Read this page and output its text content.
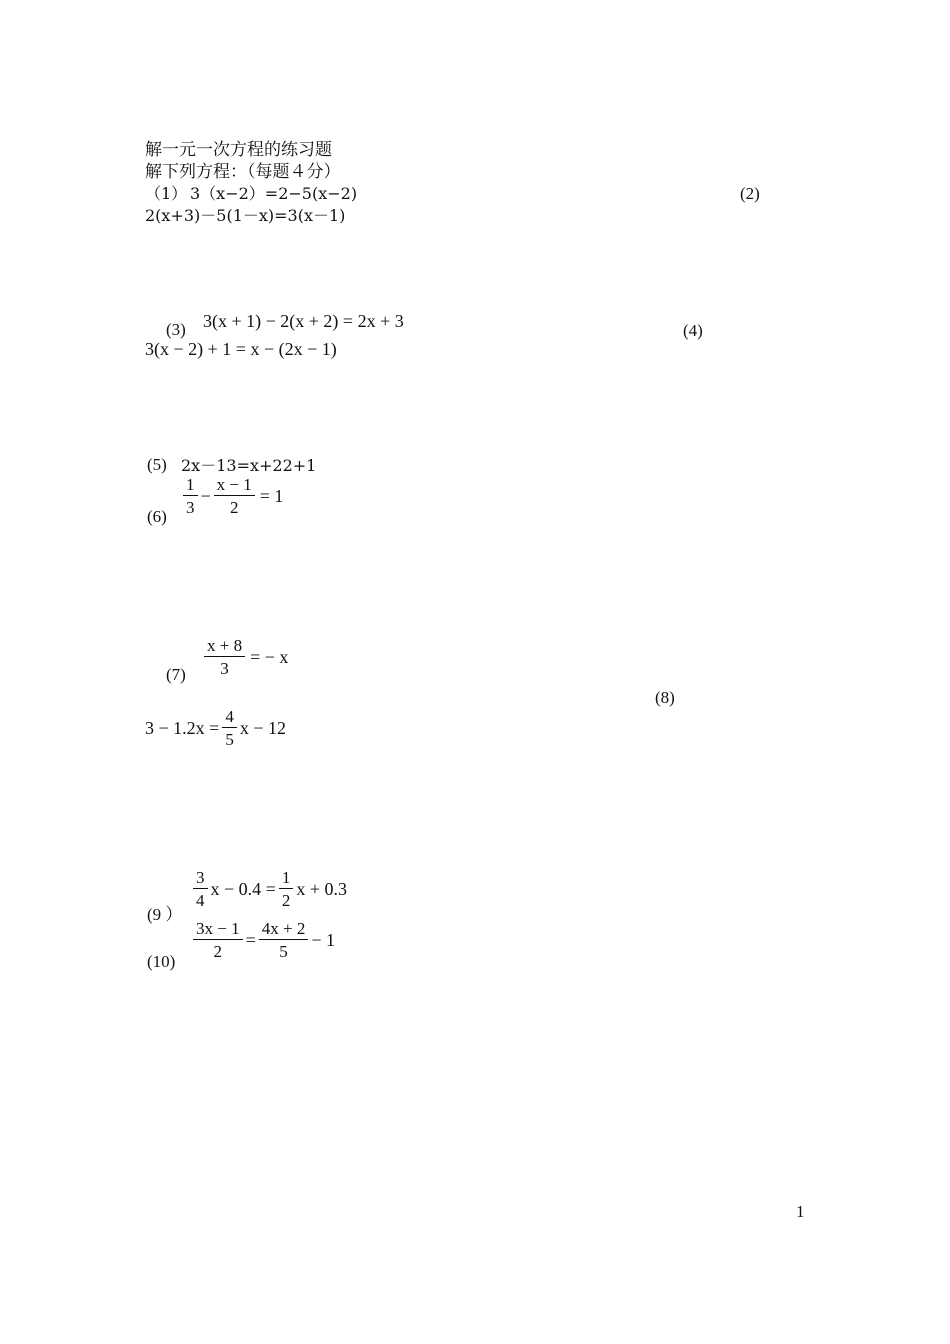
解一元一次方程的练习题
解下列方程：（每题４分）
（1） 3（x−2）=2−5(x−2)	(2)
2(x+3)－5(1－x)=3(x－1)
(3) 3(x + 1) − 2(x + 2) = 2x + 3	(4)
3(x − 2) + 1 = x − (2x − 1)
(5) 2x－13=x+22+1
$(6) \frac{1}{3} - \frac{x - 1}{2} = 1$
$(7) \frac{x + 8}{3}$ = − x
(8)
$3 - 1.2x = \frac{4}{5}$ x − 12
(9 ）
$\frac{3}{4}$ $x - 0.4 = \frac{1}{2}$ x + 0.3
(10)
$\frac{3x - 1}{2} = \frac{4x + 2}{5} - 1$
1
